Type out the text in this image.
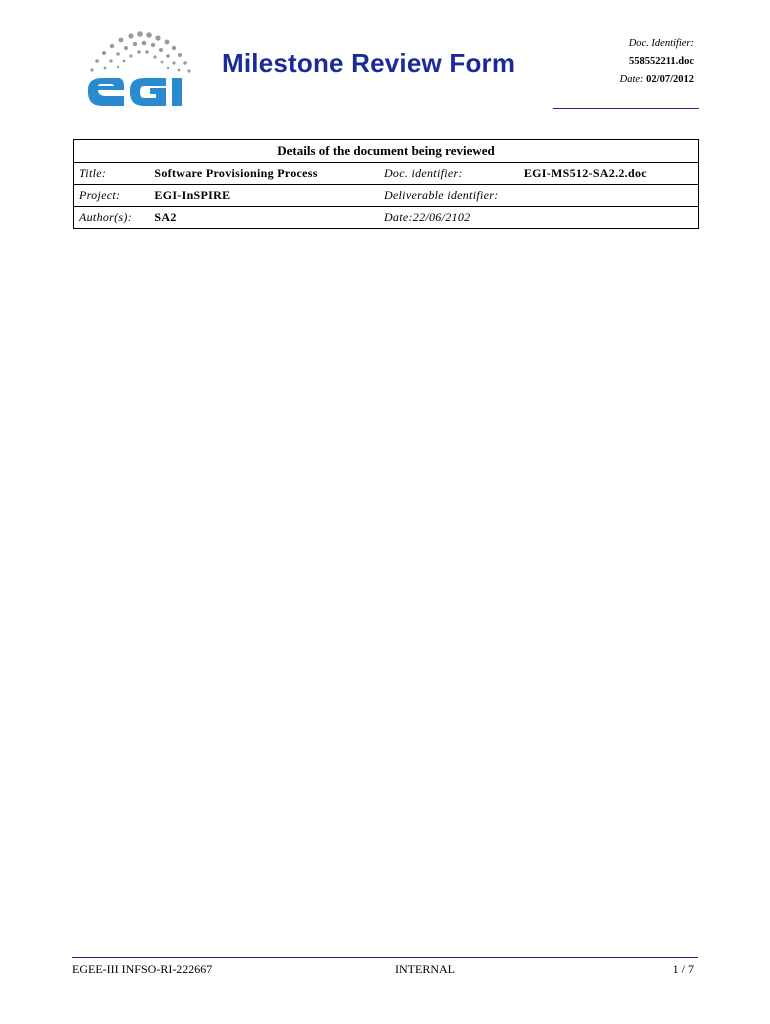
Milestone Review Form
Doc. Identifier:
558552211.doc
Date: 02/07/2012
Details of the document being reviewed			
Title:	Software Provisioning Process	Doc. identifier:	EGI-MS512-SA2.2.doc
Project:	EGI-InSPIRE	Deliverable identifier:	
Author(s):	SA2	Date:22/06/2102	
EGEE-III INFSO-RI-222667	INTERNAL	1 / 7
